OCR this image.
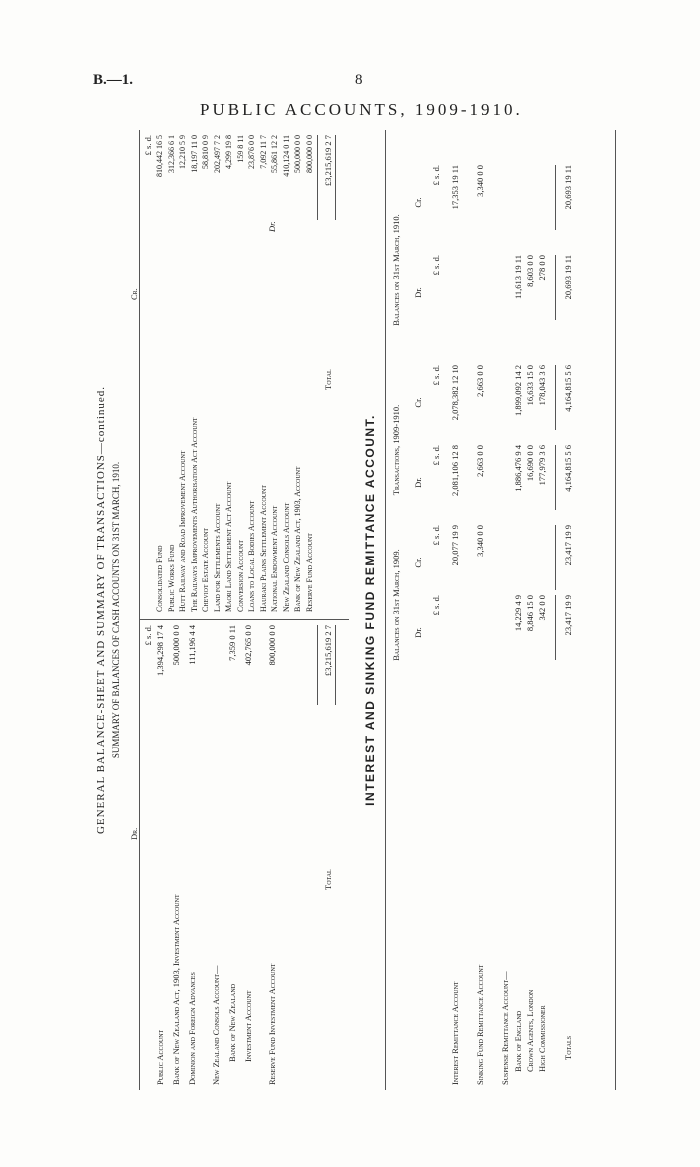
B.—1.	8
PUBLIC ACCOUNTS, 1909-1910.
GENERAL BALANCE-SHEET AND SUMMARY OF TRANSACTIONS—continued. SUMMARY OF BALANCES OF CASH ACCOUNTS ON 31ST MARCH, 1910.
Dr.
Cr.
£ s. d.
£ s. d.
Public Account
1,394,298 17 4
Bank of New Zealand Act, 1903, Investment Account
500,000 0 0
Dominion and Foreign Advances
111,196 4 4
New Zealand Consols Account— Bank of New Zealand
7,359 0 11
Investment Account
402,765 0 0
Reserve Fund Investment Account
800,000 0 0
Consolidated Fund
810,442 16 5
Public Works Fund
312,366 6 1
Hutt Railway and Road Improvement Account
12,210 5 9
The Railways Improvements Authorisation Act Account
18,197 11 0
Cheviot Estate Account
58,810 0 9
Land for Settlements Account
202,497 7 2
Maori Land Settlement Act Account
4,299 19 8
Conversion Account
159 8 11
Loans to Local Bodies Account
23,876 0 0
Hauraki Plains Settlement Account
7,092 11 7
National Endowment Account
55,861 12 2
New Zealand Consols Account
410,124 0 11
Bank of New Zealand Act, 1903, Account
500,000 0 0
Reserve Fund Account
800,000 0 0
Total
£3,215,619 2 7
Total
£3,215,619 2 7
Dr.
INTEREST AND SINKING FUND REMITTANCE ACCOUNT. Balances on 31st March, 1909.
Transactions, 1909-1910.
Balances on 31st March, 1910.
Dr.
£ s. d.
Cr.
£ s. d.
Dr.
£ s. d.
Cr.
£ s. d.
Dr.
£ s. d.
Cr.
£ s. d.
Interest Remittance Account
20,077 19 9
2,081,106 12 8
2,078,382 12 10
17,353 19 11
Sinking Fund Remittance Account
3,340 0 0
2,663 0 0
2,663 0 0
3,340 0 0
Suspense Remittance Account— Bank of England
14,229 4 9
1,886,476 9 4
1,899,092 14 2
11,613 19 11
Crown Agents, London
8,846 15 0
16,690 0 0
16,633 15 0
8,603 0 0
High Commissioner
342 0 0
177,979 3 6
178,043 3 6
278 0 0
Totals
23,417 19 9
23,417 19 9
4,164,815 5 6
4,164,815 5 6
20,693 19 11
20,693 19 11
